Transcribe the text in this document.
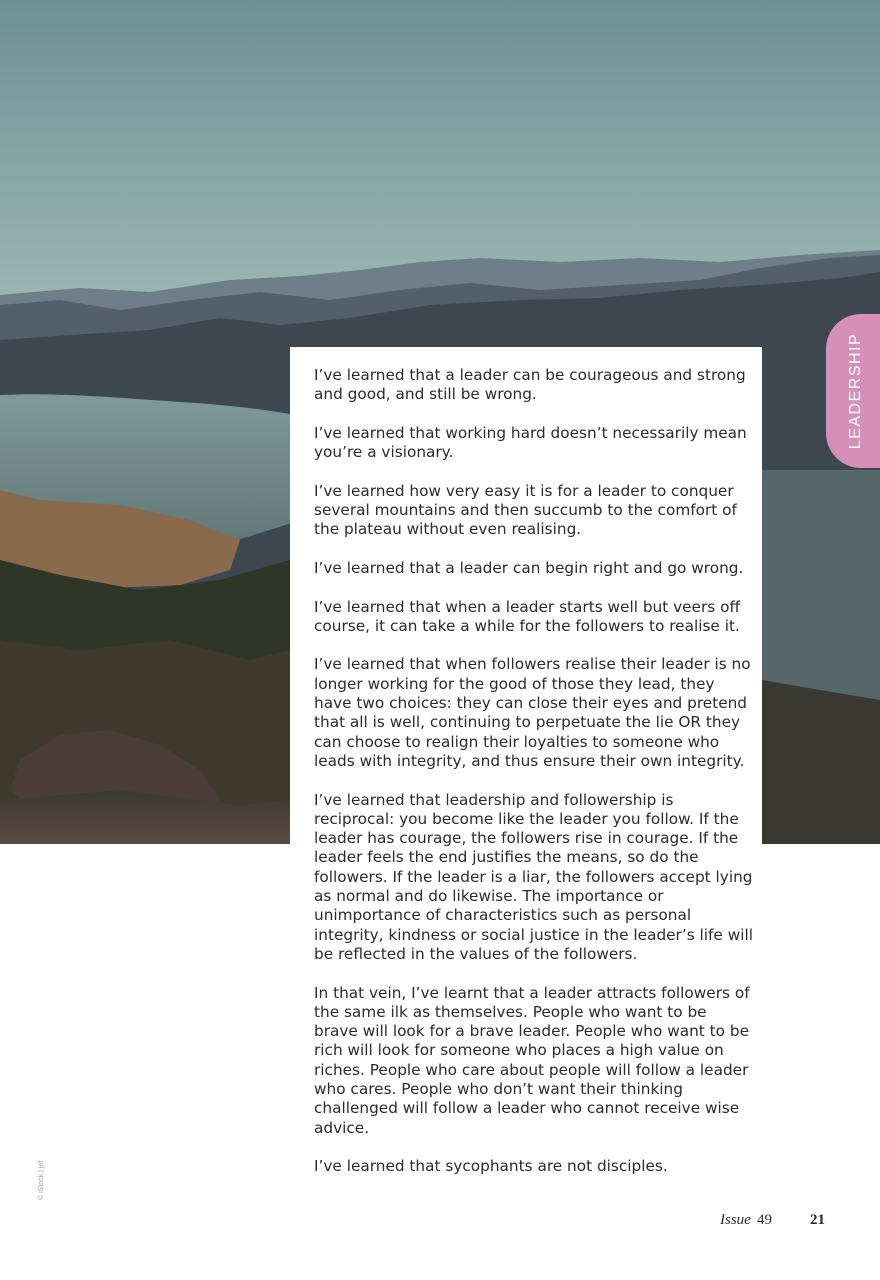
LEADERSHIP

I’ve learned that a leader can be courageous and strong and good, and still be wrong.

I’ve learned that working hard doesn’t necessarily mean you’re a visionary.

I’ve learned how very easy it is for a leader to conquer several mountains and then succumb to the comfort of the plateau without even realising.

I’ve learned that a leader can begin right and go wrong.

I’ve learned that when a leader starts well but veers off course, it can take a while for the followers to realise it.

I’ve learned that when followers realise their leader is no longer working for the good of those they lead, they have two choices: they can close their eyes and pretend that all is well, continuing to perpetuate the lie OR they can choose to realign their loyalties to someone who leads with integrity, and thus ensure their own integrity.

I’ve learned that leadership and followership is reciprocal: you become like the leader you follow. If the leader has courage, the followers rise in courage. If the leader feels the end justifies the means, so do the followers. If the leader is a liar, the followers accept lying as normal and do likewise. The importance or unimportance of characteristics such as personal integrity, kindness or social justice in the leader’s life will be reflected in the values of the followers.

In that vein, I’ve learnt that a leader attracts followers of the same ilk as themselves. People who want to be brave will look for a brave leader. People who want to be rich will look for someone who places a high value on riches. People who care about people will follow a leader who cares. People who don’t want their thinking challenged will follow a leader who cannot receive wise advice.

I’ve learned that sycophants are not disciples.

© iStock | jef
Issue 49	21
